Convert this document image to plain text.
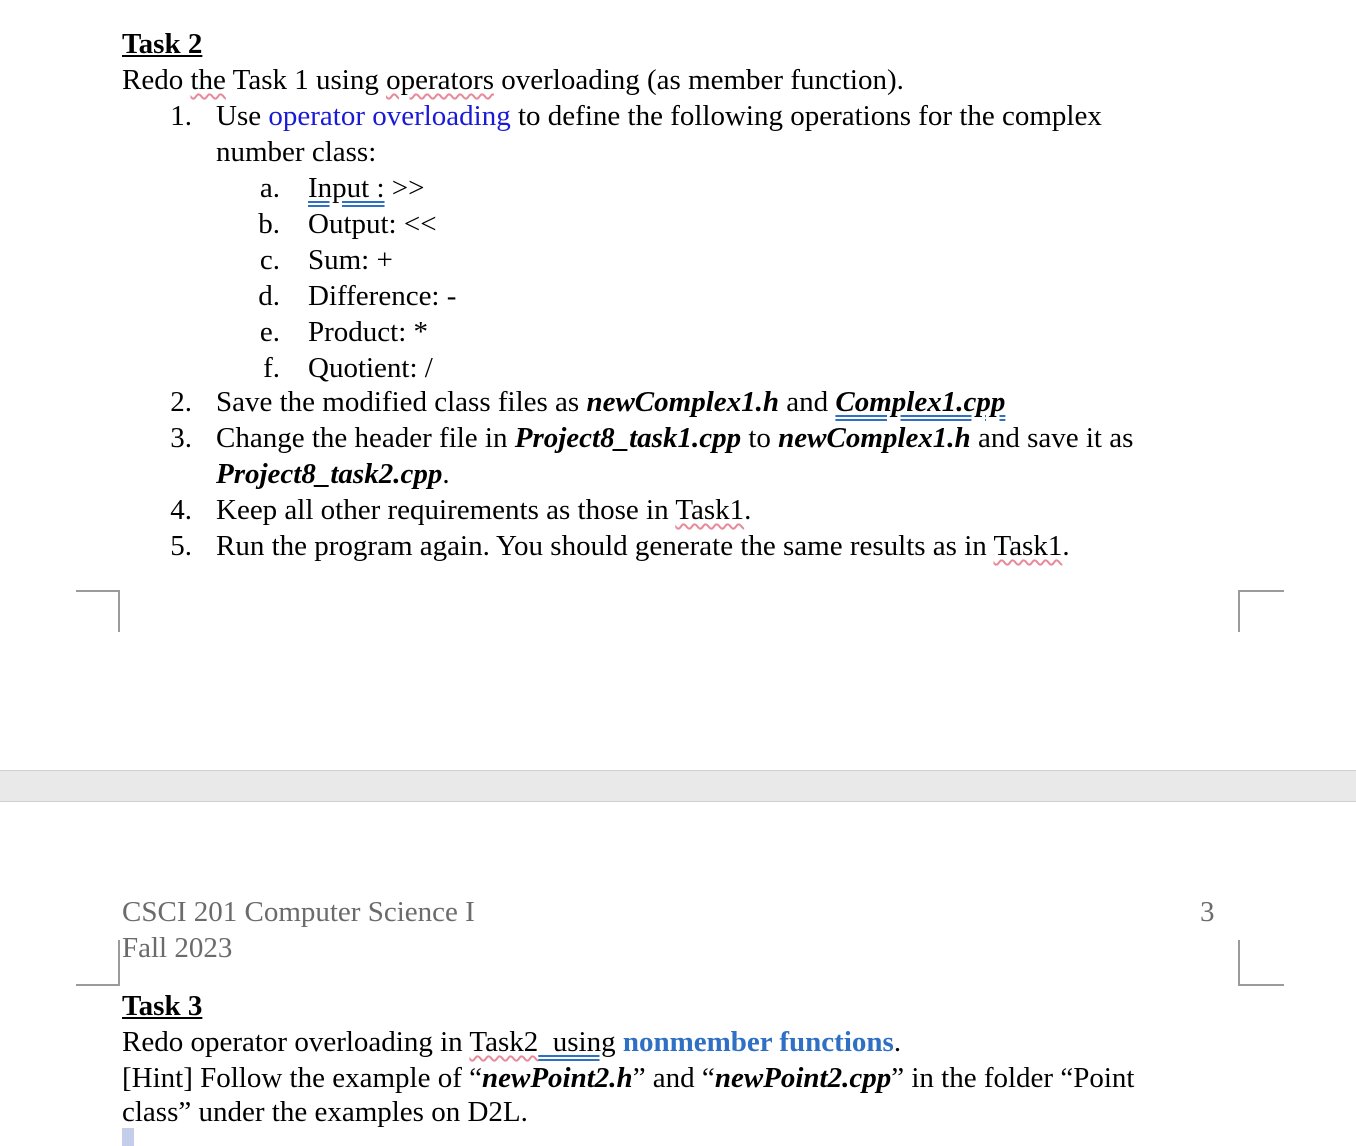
Task 2
Redo the Task 1 using operators overloading (as member function).
1. Use operator overloading to define the following operations for the complex
number class:
a. Input : >>
b. Output: <<
c. Sum: +
d. Difference: -
e. Product: *
f. Quotient: /
2. Save the modified class files as newComplex1.h and Complex1.cpp
3. Change the header file in Project8_task1.cpp to newComplex1.h and save it as
Project8_task2.cpp.
4. Keep all other requirements as those in Task1.
5. Run the program again. You should generate the same results as in Task1.
CSCI 201 Computer Science I
Fall 2023
3
Task 3
Redo operator overloading in Task2  using nonmember functions.
[Hint] Follow the example of “newPoint2.h” and “newPoint2.cpp” in the folder “Point
class” under the examples on D2L.
